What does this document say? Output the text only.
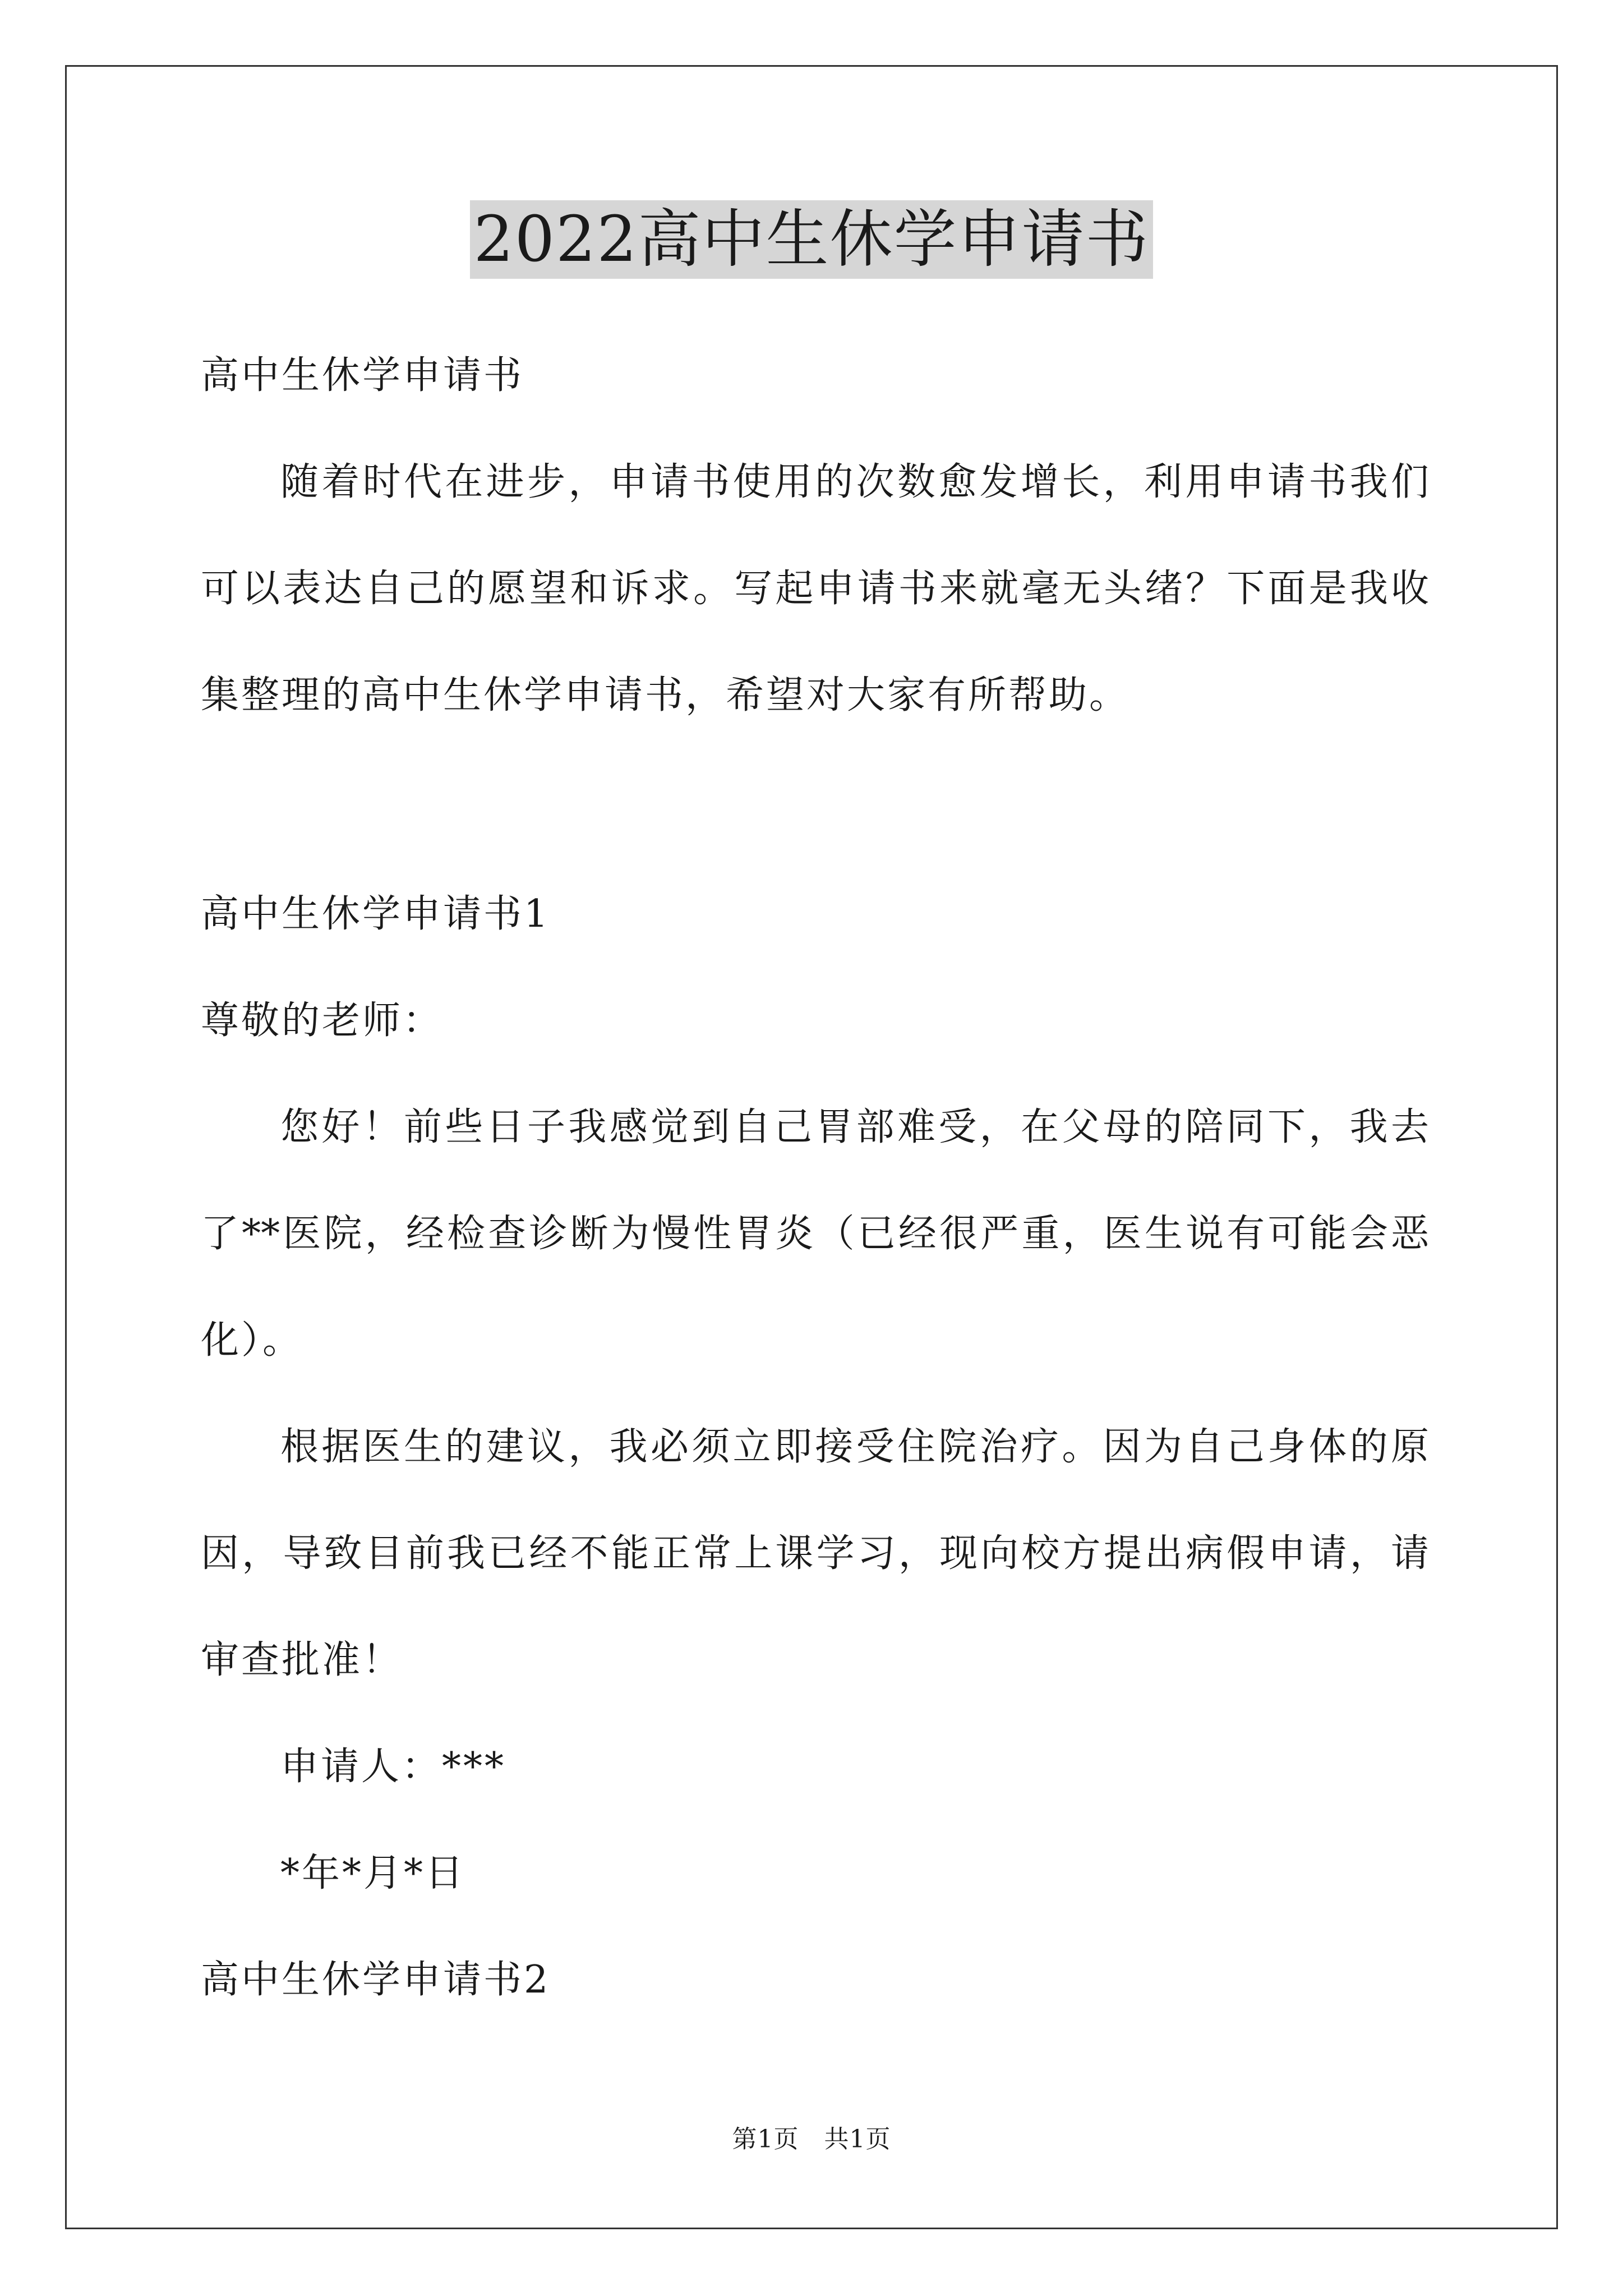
2022高中生休学申请书
高中生休学申请书
随着时代在进步，申请书使用的次数愈发增长，利用申请书我们
可以表达自己的愿望和诉求。写起申请书来就毫无头绪？下面是我收
集整理的高中生休学申请书，希望对大家有所帮助。
高中生休学申请书1
尊敬的老师：
您好！前些日子我感觉到自己胃部难受，在父母的陪同下，我去
了**医院，经检查诊断为慢性胃炎（已经很严重，医生说有可能会恶
化）。
根据医生的建议，我必须立即接受住院治疗。因为自己身体的原
因，导致目前我已经不能正常上课学习，现向校方提出病假申请，请
审查批准！
申请人：***
*年*月*日
高中生休学申请书2
第1页　共1页
